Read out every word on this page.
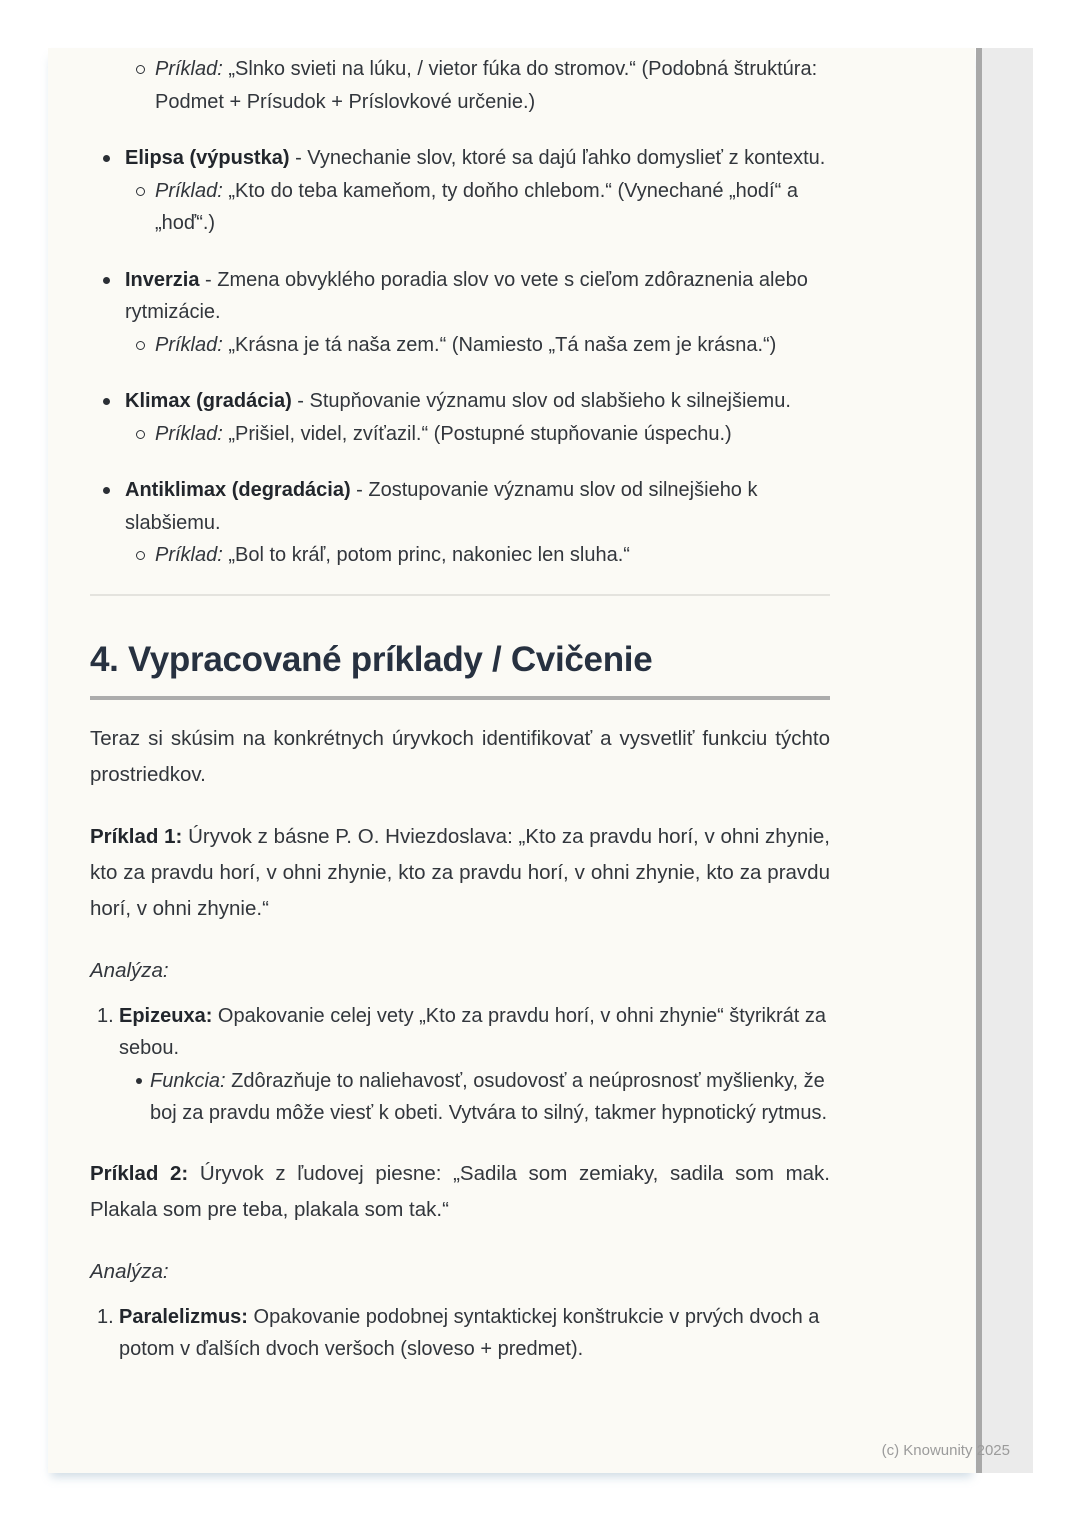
Príklad: „Slnko svieti na lúku, / vietor fúka do stromov.“ (Podobná štruktúra: Podmet + Prísudok + Príslovkové určenie.)
Elipsa (výpustka) - Vynechanie slov, ktoré sa dajú ľahko domyslieť z kontextu.
Príklad: „Kto do teba kameňom, ty doňho chlebom.“ (Vynechané „hodí“ a „hoď“.)
Inverzia - Zmena obvyklého poradia slov vo vete s cieľom zdôraznenia alebo rytmizácie.
Príklad: „Krásna je tá naša zem.“ (Namiesto „Tá naša zem je krásna.“)
Klimax (gradácia) - Stupňovanie významu slov od slabšieho k silnejšiemu.
Príklad: „Prišiel, videl, zvíťazil.“ (Postupné stupňovanie úspechu.)
Antiklimax (degradácia) - Zostupovanie významu slov od silnejšieho k slabšiemu.
Príklad: „Bol to kráľ, potom princ, nakoniec len sluha.“
4. Vypracované príklady / Cvičenie

Teraz si skúsim na konkrétnych úryvkoch identifikovať a vysvetliť funkciu týchto prostriedkov.

Príklad 1: Úryvok z básne P. O. Hviezdoslava: „Kto za pravdu horí, v ohni zhynie, kto za pravdu horí, v ohni zhynie, kto za pravdu horí, v ohni zhynie, kto za pravdu horí, v ohni zhynie.“

Analýza:

1. Epizeuxa: Opakovanie celej vety „Kto za pravdu horí, v ohni zhynie“ štyrikrát za sebou.
Funkcia: Zdôrazňuje to naliehavosť, osudovosť a neúprosnosť myšlienky, že boj za pravdu môže viesť k obeti. Vytvára to silný, takmer hypnotický rytmus.

Príklad 2: Úryvok z ľudovej piesne: „Sadila som zemiaky, sadila som mak. Plakala som pre teba, plakala som tak.“

Analýza:

1. Paralelizmus: Opakovanie podobnej syntaktickej konštrukcie v prvých dvoch a potom v ďalších dvoch veršoch (sloveso + predmet).
(c) Knowunity 2025
